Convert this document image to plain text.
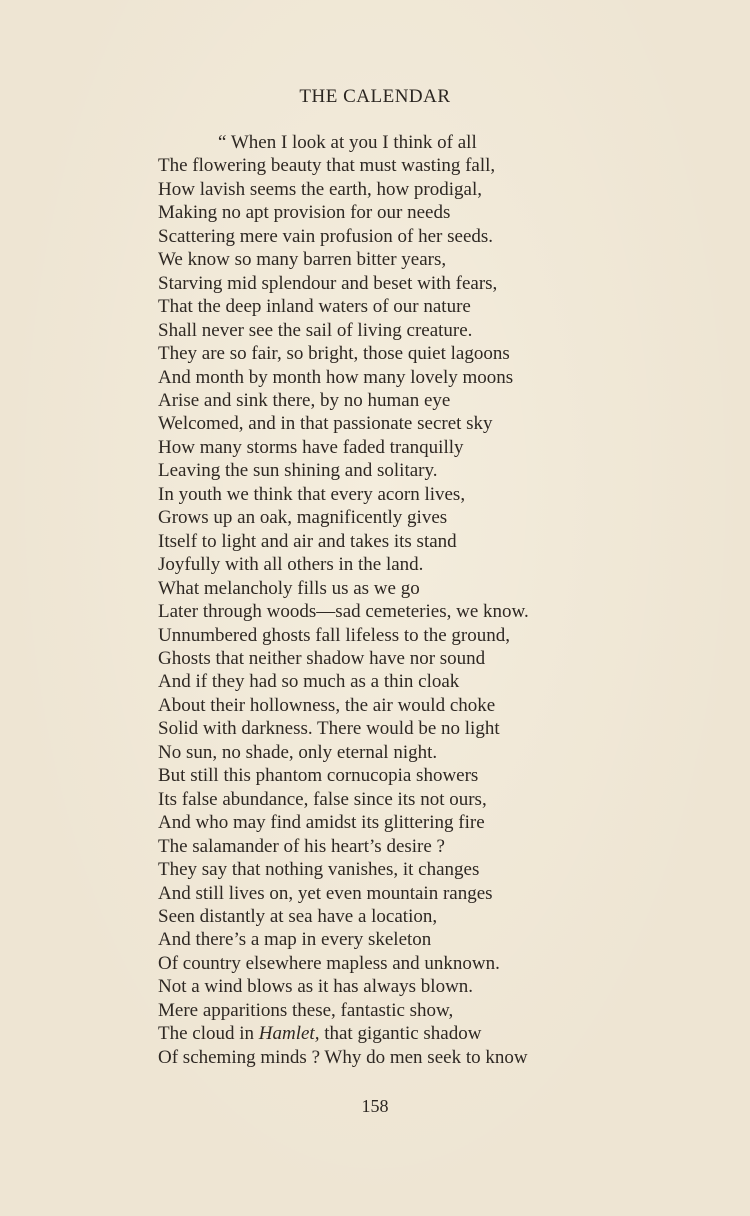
THE CALENDAR
“ When I look at you I think of all
The flowering beauty that must wasting fall,
How lavish seems the earth, how prodigal,
Making no apt provision for our needs
Scattering mere vain profusion of her seeds.
We know so many barren bitter years,
Starving mid splendour and beset with fears,
That the deep inland waters of our nature
Shall never see the sail of living creature.
They are so fair, so bright, those quiet lagoons
And month by month how many lovely moons
Arise and sink there, by no human eye
Welcomed, and in that passionate secret sky
How many storms have faded tranquilly
Leaving the sun shining and solitary.
In youth we think that every acorn lives,
Grows up an oak, magnificently gives
Itself to light and air and takes its stand
Joyfully with all others in the land.
What melancholy fills us as we go
Later through woods—sad cemeteries, we know.
Unnumbered ghosts fall lifeless to the ground,
Ghosts that neither shadow have nor sound
And if they had so much as a thin cloak
About their hollowness, the air would choke
Solid with darkness. There would be no light
No sun, no shade, only eternal night.
But still this phantom cornucopia showers
Its false abundance, false since its not ours,
And who may find amidst its glittering fire
The salamander of his heart’s desire ?
They say that nothing vanishes, it changes
And still lives on, yet even mountain ranges
Seen distantly at sea have a location,
And there’s a map in every skeleton
Of country elsewhere mapless and unknown.
Not a wind blows as it has always blown.
Mere apparitions these, fantastic show,
The cloud in Hamlet, that gigantic shadow
Of scheming minds ? Why do men seek to know
158
